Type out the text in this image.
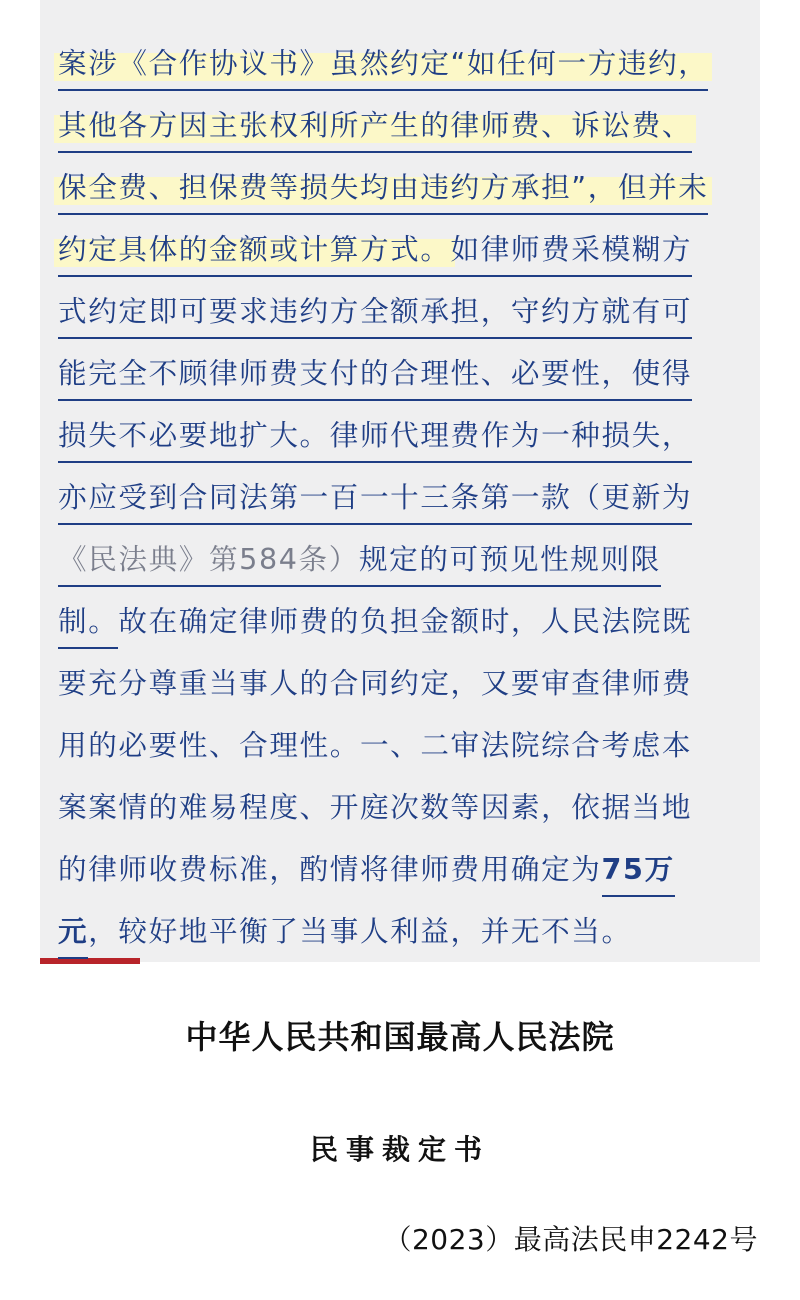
案涉《合作协议书》虽然约定“如任何一方违约，
其他各方因主张权利所产生的律师费、诉讼费、
保全费、担保费等损失均由违约方承担”，但并未
约定具体的金额或计算方式。如律师费采模糊方
式约定即可要求违约方全额承担，守约方就有可
能完全不顾律师费支付的合理性、必要性，使得
损失不必要地扩大。律师代理费作为一种损失，
亦应受到合同法第一百一十三条第一款（更新为
《民法典》第584条）规定的可预见性规则限
制。故在确定律师费的负担金额时，人民法院既
要充分尊重当事人的合同约定，又要审查律师费
用的必要性、合理性。一、二审法院综合考虑本
案案情的难易程度、开庭次数等因素，依据当地
的律师收费标准，酌情将律师费用确定为75万
元，较好地平衡了当事人利益，并无不当。
中华人民共和国最高人民法院
民事裁定书
（2023）最高法民申2242号
